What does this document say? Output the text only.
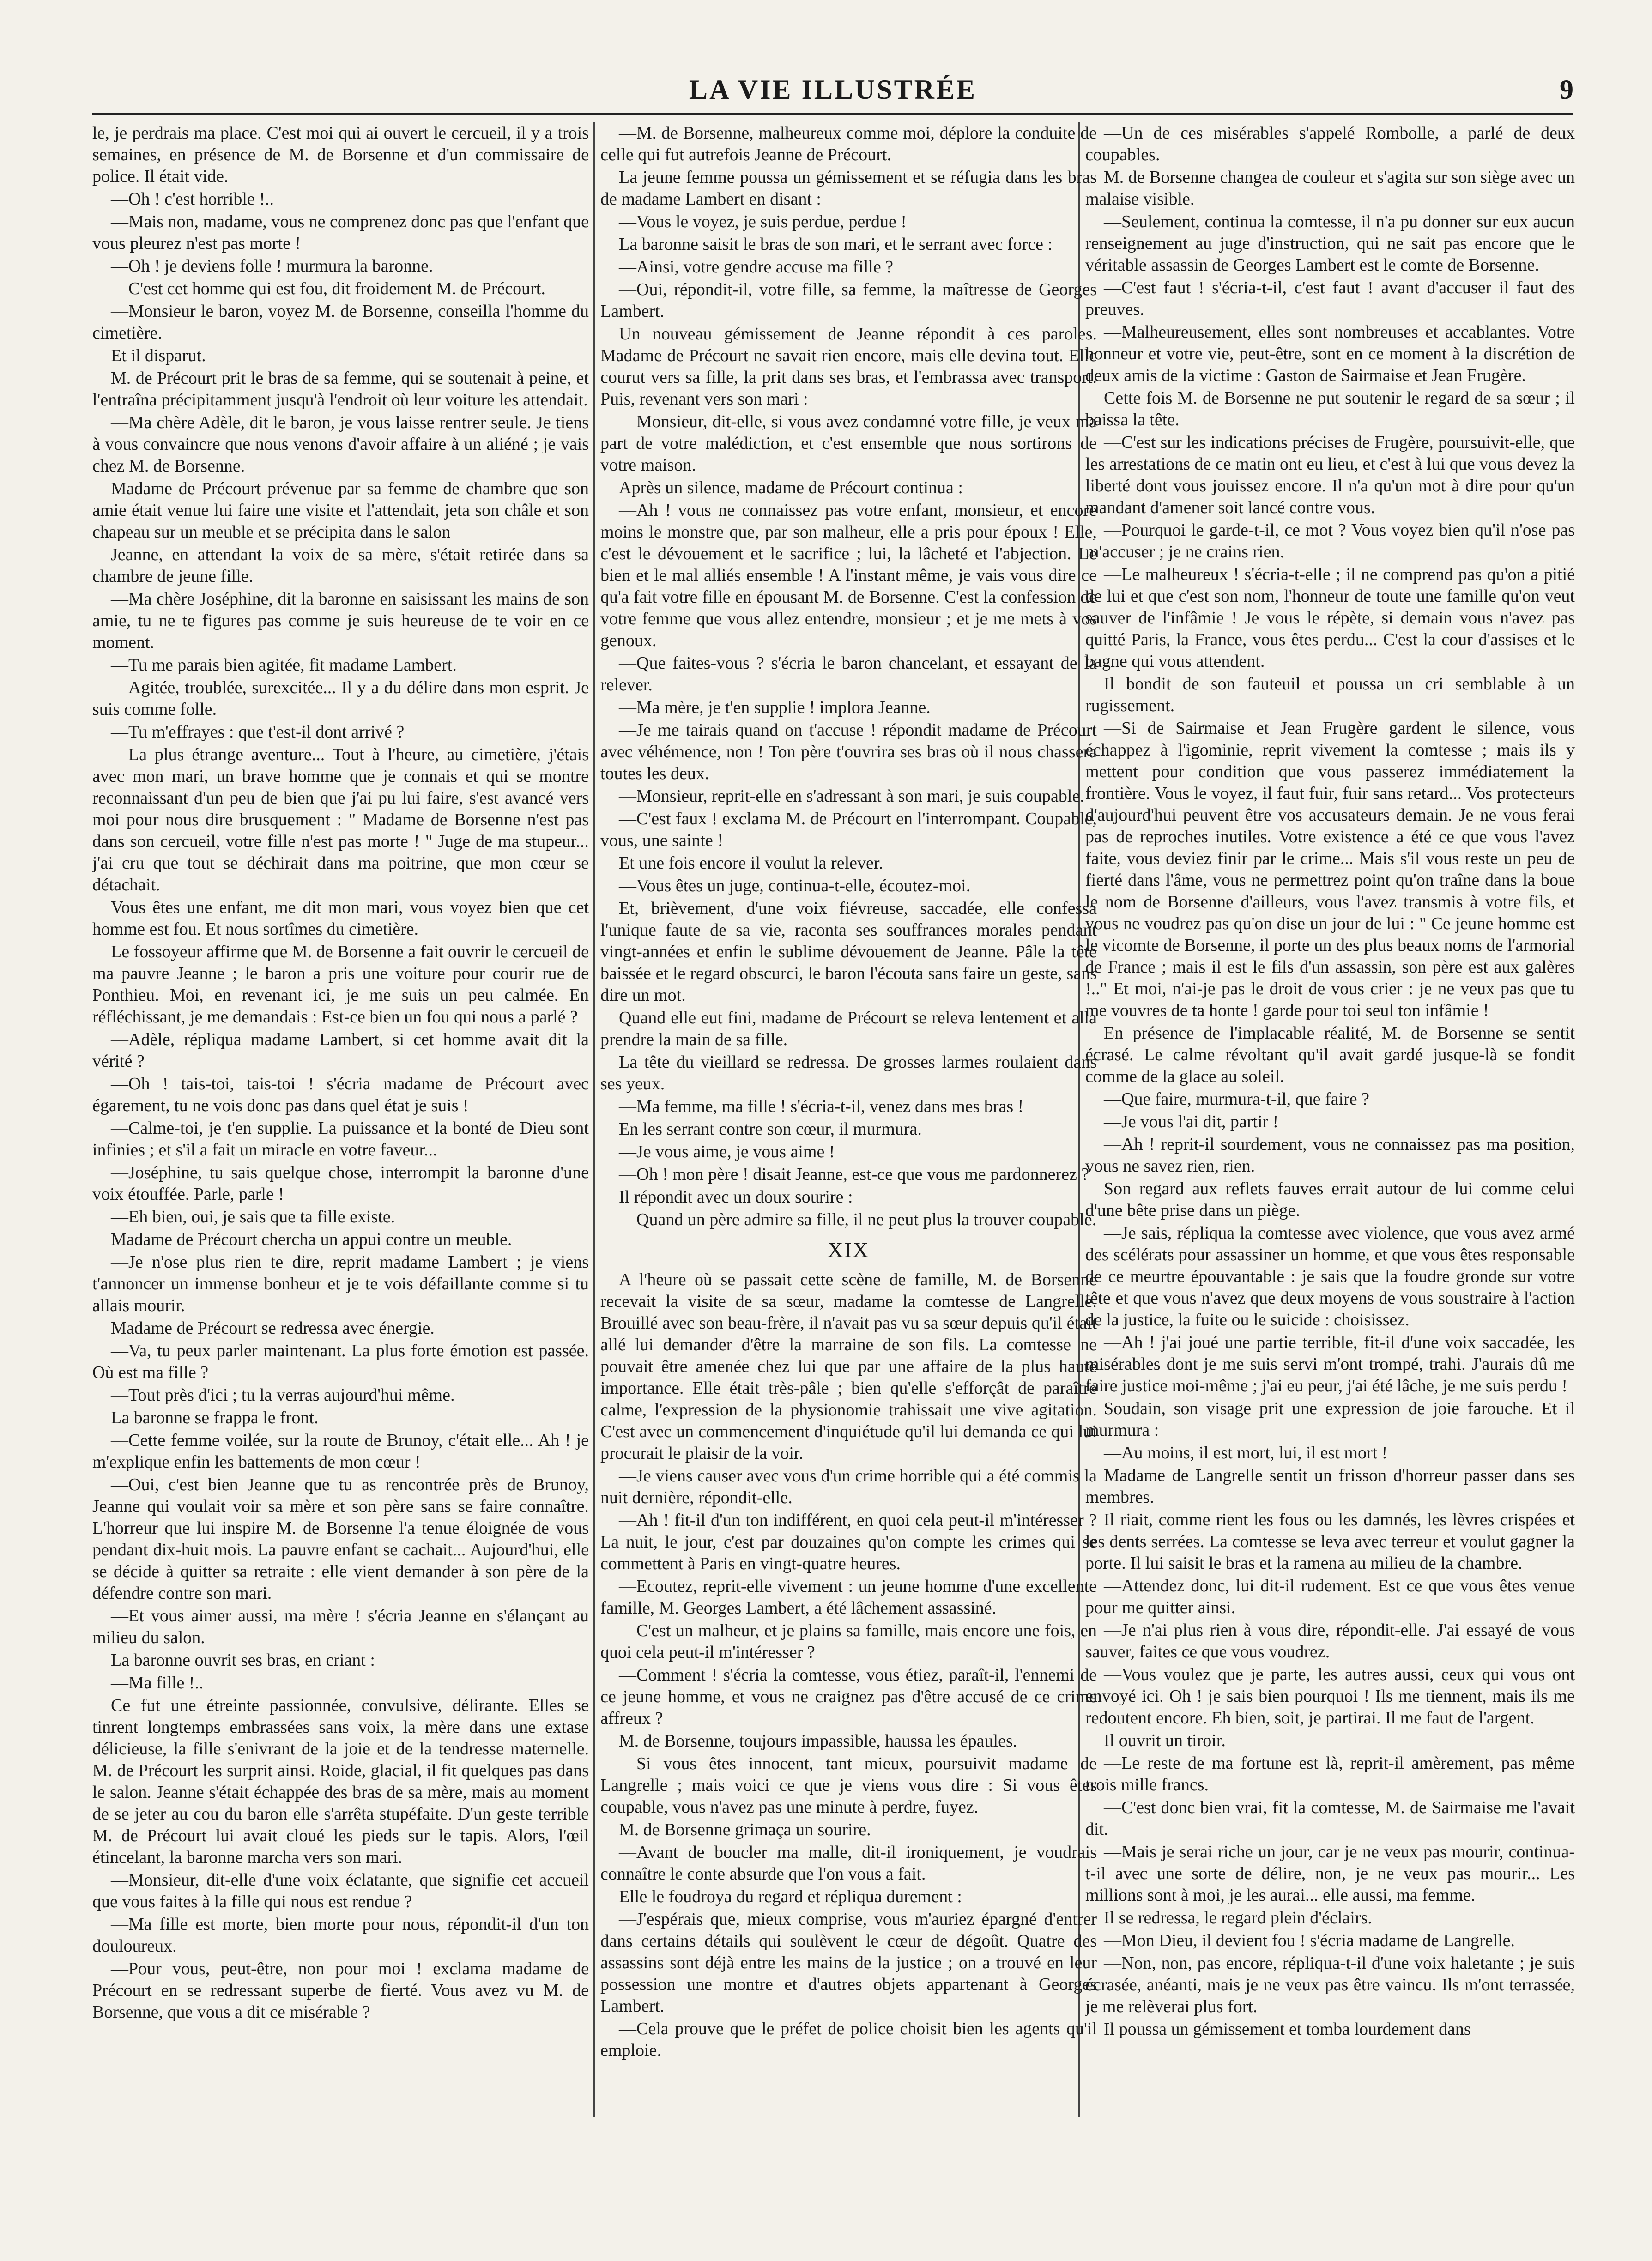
LA VIE ILLUSTRÉE	9

le, je perdrais ma place. C'est moi qui ai ouvert le cercueil, il y a trois semaines, en présence de M. de Borsenne et d'un commissaire de police. Il était vide.

—Oh ! c'est horrible !..

—Mais non, madame, vous ne comprenez donc pas que l'enfant que vous pleurez n'est pas morte !

—Oh ! je deviens folle ! murmura la baronne.

—C'est cet homme qui est fou, dit froidement M. de Précourt.

—Monsieur le baron, voyez M. de Borsenne, conseilla l'homme du cimetière.

Et il disparut.

M. de Précourt prit le bras de sa femme, qui se soutenait à peine, et l'entraîna précipitamment jusqu'à l'endroit où leur voiture les attendait.

—Ma chère Adèle, dit le baron, je vous laisse rentrer seule. Je tiens à vous convaincre que nous venons d'avoir affaire à un aliéné ; je vais chez M. de Borsenne.

Madame de Précourt prévenue par sa femme de chambre que son amie était venue lui faire une visite et l'attendait, jeta son châle et son chapeau sur un meuble et se précipita dans le salon

Jeanne, en attendant la voix de sa mère, s'était retirée dans sa chambre de jeune fille.

—Ma chère Joséphine, dit la baronne en saisissant les mains de son amie, tu ne te figures pas comme je suis heureuse de te voir en ce moment.

—Tu me parais bien agitée, fit madame Lambert.

—Agitée, troublée, surexcitée... Il y a du délire dans mon esprit. Je suis comme folle.

—Tu m'effrayes : que t'est-il dont arrivé ?

—La plus étrange aventure... Tout à l'heure, au cimetière, j'étais avec mon mari, un brave homme que je connais et qui se montre reconnaissant d'un peu de bien que j'ai pu lui faire, s'est avancé vers moi pour nous dire brusquement : " Madame de Borsenne n'est pas dans son cercueil, votre fille n'est pas morte ! " Juge de ma stupeur... j'ai cru que tout se déchirait dans ma poitrine, que mon cœur se détachait.

Vous êtes une enfant, me dit mon mari, vous voyez bien que cet homme est fou. Et nous sortîmes du cimetière.

Le fossoyeur affirme que M. de Borsenne a fait ouvrir le cercueil de ma pauvre Jeanne ; le baron a pris une voiture pour courir rue de Ponthieu. Moi, en revenant ici, je me suis un peu calmée. En réfléchissant, je me demandais : Est-ce bien un fou qui nous a parlé ?

—Adèle, répliqua madame Lambert, si cet homme avait dit la vérité ?

—Oh ! tais-toi, tais-toi ! s'écria madame de Précourt avec égarement, tu ne vois donc pas dans quel état je suis !

—Calme-toi, je t'en supplie. La puissance et la bonté de Dieu sont infinies ; et s'il a fait un miracle en votre faveur...

—Joséphine, tu sais quelque chose, interrompit la baronne d'une voix étouffée. Parle, parle !

—Eh bien, oui, je sais que ta fille existe.

Madame de Précourt chercha un appui contre un meuble.

—Je n'ose plus rien te dire, reprit madame Lambert ; je viens t'annoncer un immense bonheur et je te vois défaillante comme si tu allais mourir.

Madame de Précourt se redressa avec énergie.

—Va, tu peux parler maintenant. La plus forte émotion est passée. Où est ma fille ?

—Tout près d'ici ; tu la verras aujourd'hui même.

La baronne se frappa le front.

—Cette femme voilée, sur la route de Brunoy, c'était elle... Ah ! je m'explique enfin les battements de mon cœur !

—Oui, c'est bien Jeanne que tu as rencontrée près de Brunoy, Jeanne qui voulait voir sa mère et son père sans se faire connaître. L'horreur que lui inspire M. de Borsenne l'a tenue éloignée de vous pendant dix-huit mois. La pauvre enfant se cachait... Aujourd'hui, elle se décide à quitter sa retraite : elle vient demander à son père de la défendre contre son mari.

—Et vous aimer aussi, ma mère ! s'écria Jeanne en s'élançant au milieu du salon.

La baronne ouvrit ses bras, en criant :

—Ma fille !..

Ce fut une étreinte passionnée, convulsive, délirante. Elles se tinrent longtemps embrassées sans voix, la mère dans une extase délicieuse, la fille s'enivrant de la joie et de la tendresse maternelle. M. de Précourt les surprit ainsi. Roide, glacial, il fit quelques pas dans le salon. Jeanne s'était échappée des bras de sa mère, mais au moment de se jeter au cou du baron elle s'arrêta stupéfaite. D'un geste terrible M. de Précourt lui avait cloué les pieds sur le tapis. Alors, l'œil étincelant, la baronne marcha vers son mari.

—Monsieur, dit-elle d'une voix éclatante, que signifie cet accueil que vous faites à la fille qui nous est rendue ?

—Ma fille est morte, bien morte pour nous, répondit-il d'un ton douloureux.

—Pour vous, peut-être, non pour moi ! exclama madame de Précourt en se redressant superbe de fierté. Vous avez vu M. de Borsenne, que vous a dit ce misérable ?

—M. de Borsenne, malheureux comme moi, déplore la conduite de celle qui fut autrefois Jeanne de Précourt.

La jeune femme poussa un gémissement et se réfugia dans les bras de madame Lambert en disant :

—Vous le voyez, je suis perdue, perdue !

La baronne saisit le bras de son mari, et le serrant avec force :

—Ainsi, votre gendre accuse ma fille ?

—Oui, répondit-il, votre fille, sa femme, la maîtresse de Georges Lambert.

Un nouveau gémissement de Jeanne répondit à ces paroles. Madame de Précourt ne savait rien encore, mais elle devina tout. Elle courut vers sa fille, la prit dans ses bras, et l'embrassa avec transport. Puis, revenant vers son mari :

—Monsieur, dit-elle, si vous avez condamné votre fille, je veux ma part de votre malédiction, et c'est ensemble que nous sortirons de votre maison.

Après un silence, madame de Précourt continua :

—Ah ! vous ne connaissez pas votre enfant, monsieur, et encore moins le monstre que, par son malheur, elle a pris pour époux ! Elle, c'est le dévouement et le sacrifice ; lui, la lâcheté et l'abjection. Le bien et le mal alliés ensemble ! A l'instant même, je vais vous dire ce qu'a fait votre fille en épousant M. de Borsenne. C'est la confession de votre femme que vous allez entendre, monsieur ; et je me mets à vos genoux.

—Que faites-vous ? s'écria le baron chancelant, et essayant de la relever.

—Ma mère, je t'en supplie ! implora Jeanne.

—Je me tairais quand on t'accuse ! répondit madame de Précourt avec véhémence, non ! Ton père t'ouvrira ses bras où il nous chassera toutes les deux.

—Monsieur, reprit-elle en s'adressant à son mari, je suis coupable.

—C'est faux ! exclama M. de Précourt en l'interrompant. Coupable, vous, une sainte !

Et une fois encore il voulut la relever.

—Vous êtes un juge, continua-t-elle, écoutez-moi.

Et, brièvement, d'une voix fiévreuse, saccadée, elle confessa l'unique faute de sa vie, raconta ses souffrances morales pendant vingt-années et enfin le sublime dévouement de Jeanne. Pâle la tête baissée et le regard obscurci, le baron l'écouta sans faire un geste, sans dire un mot.

Quand elle eut fini, madame de Précourt se releva lentement et alla prendre la main de sa fille.

La tête du vieillard se redressa. De grosses larmes roulaient dans ses yeux.

—Ma femme, ma fille ! s'écria-t-il, venez dans mes bras !

En les serrant contre son cœur, il murmura.

—Je vous aime, je vous aime !

—Oh ! mon père ! disait Jeanne, est-ce que vous me pardonnerez ?

Il répondit avec un doux sourire :

—Quand un père admire sa fille, il ne peut plus la trouver coupable.

XIX

A l'heure où se passait cette scène de famille, M. de Borsenne recevait la visite de sa sœur, madame la comtesse de Langrelle. Brouillé avec son beau-frère, il n'avait pas vu sa sœur depuis qu'il était allé lui demander d'être la marraine de son fils. La comtesse ne pouvait être amenée chez lui que par une affaire de la plus haute importance. Elle était très-pâle ; bien qu'elle s'efforçât de paraître calme, l'expression de la physionomie trahissait une vive agitation. C'est avec un commencement d'inquiétude qu'il lui demanda ce qui lui procurait le plaisir de la voir.

—Je viens causer avec vous d'un crime horrible qui a été commis la nuit dernière, répondit-elle.

—Ah ! fit-il d'un ton indifférent, en quoi cela peut-il m'intéresser ? La nuit, le jour, c'est par douzaines qu'on compte les crimes qui se commettent à Paris en vingt-quatre heures.

—Ecoutez, reprit-elle vivement : un jeune homme d'une excellente famille, M. Georges Lambert, a été lâchement assassiné.

—C'est un malheur, et je plains sa famille, mais encore une fois, en quoi cela peut-il m'intéresser ?

—Comment ! s'écria la comtesse, vous étiez, paraît-il, l'ennemi de ce jeune homme, et vous ne craignez pas d'être accusé de ce crime affreux ?

M. de Borsenne, toujours impassible, haussa les épaules.

—Si vous êtes innocent, tant mieux, poursuivit madame de Langrelle ; mais voici ce que je viens vous dire : Si vous êtes coupable, vous n'avez pas une minute à perdre, fuyez.

M. de Borsenne grimaça un sourire.

—Avant de boucler ma malle, dit-il ironiquement, je voudrais connaître le conte absurde que l'on vous a fait.

Elle le foudroya du regard et répliqua durement :

—J'espérais que, mieux comprise, vous m'auriez épargné d'entrer dans certains détails qui soulèvent le cœur de dégoût. Quatre des assassins sont déjà entre les mains de la justice ; on a trouvé en leur possession une montre et d'autres objets appartenant à Georges Lambert.

—Cela prouve que le préfet de police choisit bien les agents qu'il emploie.

—Un de ces misérables s'appelé Rombolle, a parlé de deux coupables.

M. de Borsenne changea de couleur et s'agita sur son siège avec un malaise visible.

—Seulement, continua la comtesse, il n'a pu donner sur eux aucun renseignement au juge d'instruction, qui ne sait pas encore que le véritable assassin de Georges Lambert est le comte de Borsenne.

—C'est faut ! s'écria-t-il, c'est faut ! avant d'accuser il faut des preuves.

—Malheureusement, elles sont nombreuses et accablantes. Votre honneur et votre vie, peut-être, sont en ce moment à la discrétion de deux amis de la victime : Gaston de Sairmaise et Jean Frugère.

Cette fois M. de Borsenne ne put soutenir le regard de sa sœur ; il baissa la tête.

—C'est sur les indications précises de Frugère, poursuivit-elle, que les arrestations de ce matin ont eu lieu, et c'est à lui que vous devez la liberté dont vous jouissez encore. Il n'a qu'un mot à dire pour qu'un mandant d'amener soit lancé contre vous.

—Pourquoi le garde-t-il, ce mot ? Vous voyez bien qu'il n'ose pas m'accuser ; je ne crains rien.

—Le malheureux ! s'écria-t-elle ; il ne comprend pas qu'on a pitié de lui et que c'est son nom, l'honneur de toute une famille qu'on veut sauver de l'infâmie ! Je vous le répète, si demain vous n'avez pas quitté Paris, la France, vous êtes perdu... C'est la cour d'assises et le bagne qui vous attendent.

Il bondit de son fauteuil et poussa un cri semblable à un rugissement.

—Si de Sairmaise et Jean Frugère gardent le silence, vous échappez à l'igominie, reprit vivement la comtesse ; mais ils y mettent pour condition que vous passerez immédiatement la frontière. Vous le voyez, il faut fuir, fuir sans retard... Vos protecteurs d'aujourd'hui peuvent être vos accusateurs demain. Je ne vous ferai pas de reproches inutiles. Votre existence a été ce que vous l'avez faite, vous deviez finir par le crime... Mais s'il vous reste un peu de fierté dans l'âme, vous ne permettrez point qu'on traîne dans la boue le nom de Borsenne d'ailleurs, vous l'avez transmis à votre fils, et vous ne voudrez pas qu'on dise un jour de lui : " Ce jeune homme est le vicomte de Borsenne, il porte un des plus beaux noms de l'armorial de France ; mais il est le fils d'un assassin, son père est aux galères !.." Et moi, n'ai-je pas le droit de vous crier : je ne veux pas que tu me vouvres de ta honte ! garde pour toi seul ton infâmie !

En présence de l'implacable réalité, M. de Borsenne se sentit écrasé. Le calme révoltant qu'il avait gardé jusque-là se fondit comme de la glace au soleil.

—Que faire, murmura-t-il, que faire ?

—Je vous l'ai dit, partir !

—Ah ! reprit-il sourdement, vous ne connaissez pas ma position, vous ne savez rien, rien.

Son regard aux reflets fauves errait autour de lui comme celui d'une bête prise dans un piège.

—Je sais, répliqua la comtesse avec violence, que vous avez armé des scélérats pour assassiner un homme, et que vous êtes responsable de ce meurtre épouvantable : je sais que la foudre gronde sur votre tête et que vous n'avez que deux moyens de vous soustraire à l'action de la justice, la fuite ou le suicide : choisissez.

—Ah ! j'ai joué une partie terrible, fit-il d'une voix saccadée, les misérables dont je me suis servi m'ont trompé, trahi. J'aurais dû me faire justice moi-même ; j'ai eu peur, j'ai été lâche, je me suis perdu !

Soudain, son visage prit une expression de joie farouche. Et il murmura :

—Au moins, il est mort, lui, il est mort !

Madame de Langrelle sentit un frisson d'horreur passer dans ses membres.

Il riait, comme rient les fous ou les damnés, les lèvres crispées et les dents serrées. La comtesse se leva avec terreur et voulut gagner la porte. Il lui saisit le bras et la ramena au milieu de la chambre.

—Attendez donc, lui dit-il rudement. Est ce que vous êtes venue pour me quitter ainsi.

—Je n'ai plus rien à vous dire, répondit-elle. J'ai essayé de vous sauver, faites ce que vous voudrez.

—Vous voulez que je parte, les autres aussi, ceux qui vous ont envoyé ici. Oh ! je sais bien pourquoi ! Ils me tiennent, mais ils me redoutent encore. Eh bien, soit, je partirai. Il me faut de l'argent.

Il ouvrit un tiroir.

—Le reste de ma fortune est là, reprit-il amèrement, pas même trois mille francs.

—C'est donc bien vrai, fit la comtesse, M. de Sairmaise me l'avait dit.

—Mais je serai riche un jour, car je ne veux pas mourir, continua-t-il avec une sorte de délire, non, je ne veux pas mourir... Les millions sont à moi, je les aurai... elle aussi, ma femme.

Il se redressa, le regard plein d'éclairs.

—Mon Dieu, il devient fou ! s'écria madame de Langrelle.

—Non, non, pas encore, répliqua-t-il d'une voix haletante ; je suis écrasée, anéanti, mais je ne veux pas être vaincu. Ils m'ont terrassée, je me relèverai plus fort.

Il poussa un gémissement et tomba lourdement dans
